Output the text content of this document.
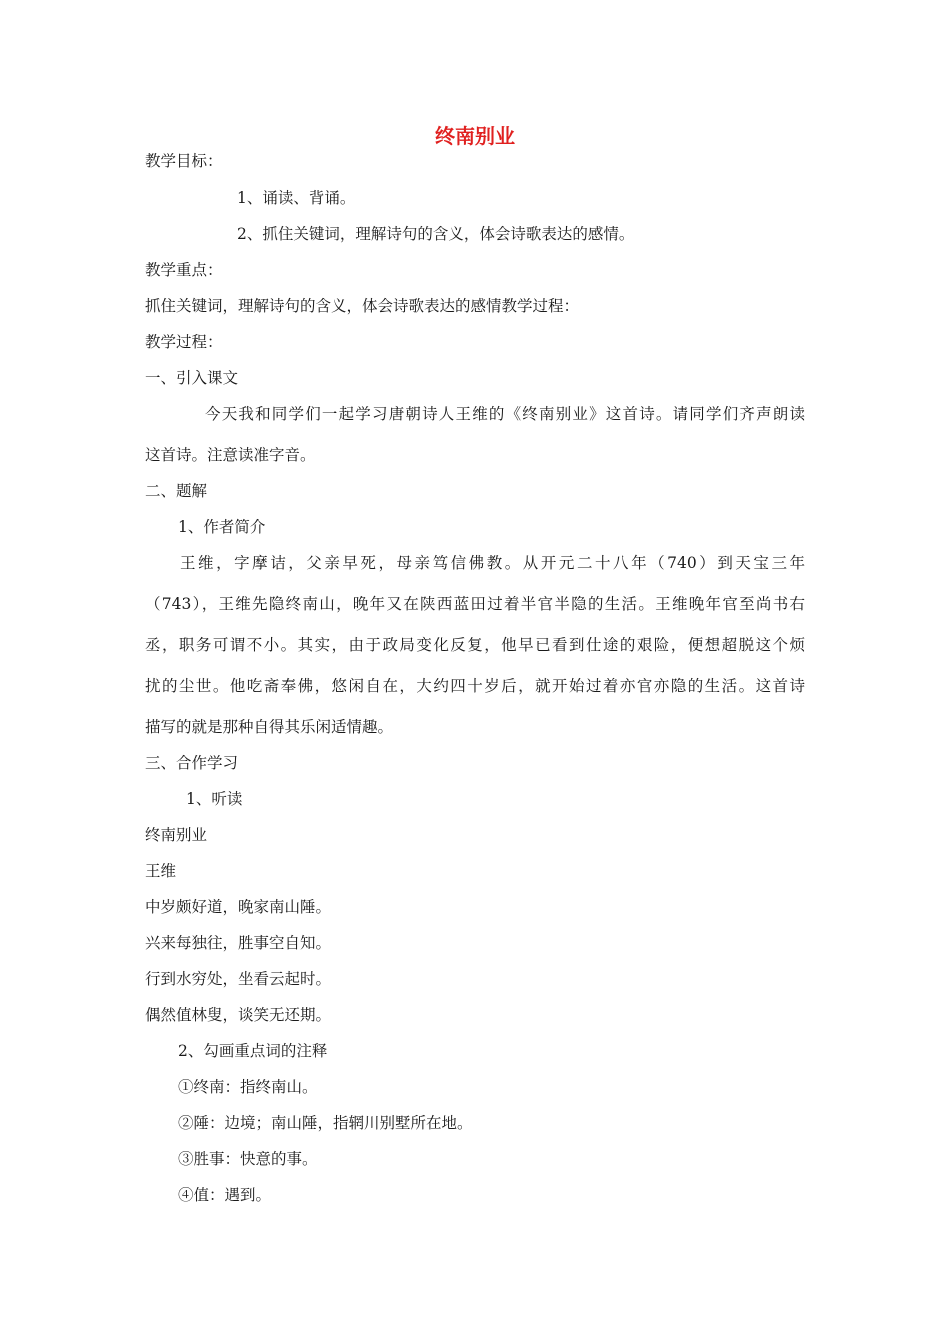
终南别业
教学目标：
1、诵读、背诵。
2、抓住关键词，理解诗句的含义，体会诗歌表达的感情。
教学重点：
抓住关键词，理解诗句的含义，体会诗歌表达的感情教学过程：
教学过程：
一、引入课文
今天我和同学们一起学习唐朝诗人王维的《终南别业》这首诗。请同学们齐声朗读
这首诗。注意读准字音。
二、题解
1、作者简介
王维，字摩诘，父亲早死，母亲笃信佛教。从开元二十八年（740）到天宝三年
（743），王维先隐终南山，晚年又在陕西蓝田过着半官半隐的生活。王维晚年官至尚书右
丞，职务可谓不小。其实，由于政局变化反复，他早已看到仕途的艰险，便想超脱这个烦
扰的尘世。他吃斋奉佛，悠闲自在，大约四十岁后，就开始过着亦官亦隐的生活。这首诗
描写的就是那种自得其乐闲适情趣。
三、合作学习
1、听读
终南别业
王维
中岁颇好道，晚家南山陲。
兴来每独往，胜事空自知。
行到水穷处，坐看云起时。
偶然值林叟，谈笑无还期。
2、勾画重点词的注释
①终南：指终南山。
②陲：边境；南山陲，指辋川别墅所在地。
③胜事：快意的事。
④值：遇到。
